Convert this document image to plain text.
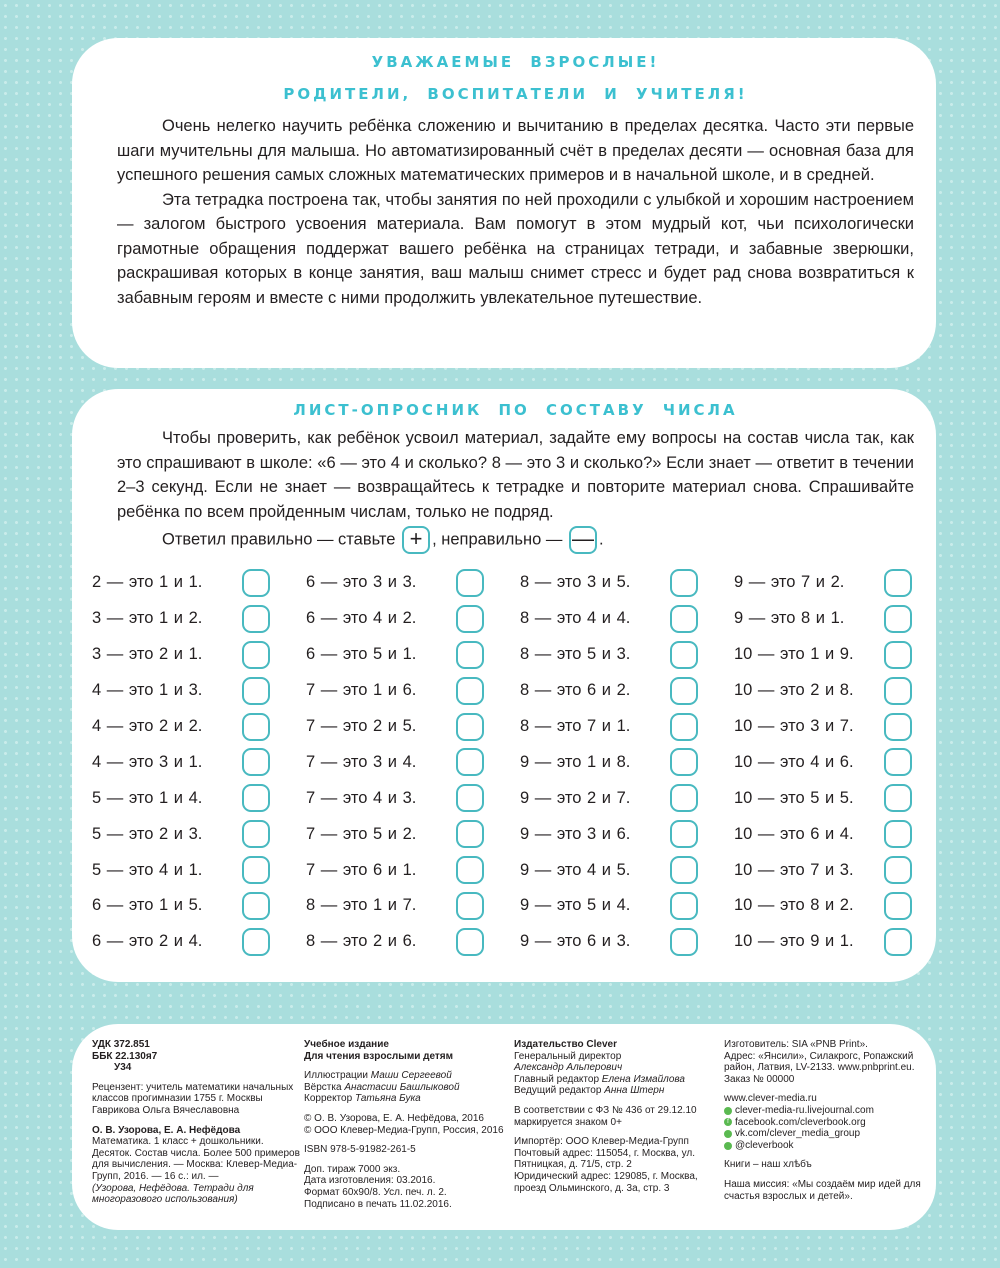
УВАЖАЕМЫЕ ВЗРОСЛЫЕ!

РОДИТЕЛИ, ВОСПИТАТЕЛИ И УЧИТЕЛЯ!

Очень нелегко научить ребёнка сложению и вычитанию в пределах десятка. Часто эти первые шаги мучительны для малыша. Но автоматизированный счёт в пределах десяти — основная база для успешного решения самых сложных математических примеров и в начальной школе, и в средней.

Эта тетрадка построена так, чтобы занятия по ней проходили с улыбкой и хорошим настроением — залогом быстрого усвоения материала. Вам помогут в этом мудрый кот, чьи психологически грамотные обращения поддержат вашего ребёнка на страницах тетради, и забавные зверюшки, раскрашивая которых в конце занятия, ваш малыш снимет стресс и будет рад снова возвратиться к забавным героям и вместе с ними продолжить увлекательное путешествие.

ЛИСТ-ОПРОСНИК ПО СОСТАВУ ЧИСЛА

Чтобы проверить, как ребёнок усвоил материал, задайте ему вопросы на состав числа так, как это спрашивают в школе: «6 — это 4 и сколько? 8 — это 3 и сколько?» Если знает — ответит в течении 2–3 секунд. Если не знает — возвращайтесь к тетрадке и повторите материал снова. Спрашивайте ребёнка по всем пройденным числам, только не подряд.

Ответил правильно — ставьте + , неправильно — — .
2 — это 1 и 1.
3 — это 1 и 2.
3 — это 2 и 1.
4 — это 1 и 3.
4 — это 2 и 2.
4 — это 3 и 1.
5 — это 1 и 4.
5 — это 2 и 3.
5 — это 4 и 1.
6 — это 1 и 5.
6 — это 2 и 4.
6 — это 3 и 3.
6 — это 4 и 2.
6 — это 5 и 1.
7 — это 1 и 6.
7 — это 2 и 5.
7 — это 3 и 4.
7 — это 4 и 3.
7 — это 5 и 2.
7 — это 6 и 1.
8 — это 1 и 7.
8 — это 2 и 6.
8 — это 3 и 5.
8 — это 4 и 4.
8 — это 5 и 3.
8 — это 6 и 2.
8 — это 7 и 1.
9 — это 1 и 8.
9 — это 2 и 7.
9 — это 3 и 6.
9 — это 4 и 5.
9 — это 5 и 4.
9 — это 6 и 3.
9 — это 7 и 2.
9 — это 8 и 1.
10 — это 1 и 9.
10 — это 2 и 8.
10 — это 3 и 7.
10 — это 4 и 6.
10 — это 5 и 5.
10 — это 6 и 4.
10 — это 7 и 3.
10 — это 8 и 2.
10 — это 9 и 1.

УДК 372.851

ББК 22.130я7

У34

Рецензент: учитель математики начальных классов прогимназии 1755 г. Москвы Гаврикова Ольга Вячеславовна

О. В. Узорова, Е. А. Нефёдова

Математика. 1 класс + дошкольники. Десяток. Состав числа. Более 500 примеров для вычисления. — Москва: Клевер-Медиа-Групп, 2016. — 16 с.: ил. —

(Узорова, Нефёдова. Тетради для многоразового использования)

Учебное издание

Для чтения взрослыми детям

Иллюстрации Маши Сергеевой

Вёрстка Анастасии Башлыковой

Корректор Татьяна Бука

© О. В. Узорова, Е. А. Нефёдова, 2016

© ООО Клевер-Медиа-Групп, Россия, 2016

ISBN 978-5-91982-261-5

Доп. тираж 7000 экз.

Дата изготовления: 03.2016.

Формат 60х90/8. Усл. печ. л. 2.

Подписано в печать 11.02.2016.

Издательство Clever

Генеральный директор

Александр Альперович

Главный редактор Елена Измайлова

Ведущий редактор Анна Штерн

В соответствии с ФЗ № 436 от 29.12.10 маркируется знаком 0+

Импортёр: ООО Клевер-Медиа-Групп

Почтовый адрес: 115054, г. Москва, ул. Пятницкая, д. 71/5, стр. 2

Юридический адрес: 129085, г. Москва, проезд Ольминского, д. 3а, стр. 3

Изготовитель: SIA «PNB Print».

Адрес: «Янсили», Силакрогс, Ропажский район, Латвия, LV-2133. www.pnbprint.eu.

Заказ № 00000

www.clever-media.ru

clever-media-ru.livejournal.com

f facebook.com/cleverbook.org

vk.com/clever_media_group

@cleverbook

Книги – наш хлѣбъ

Наша миссия: «Мы создаём мир идей для счастья взрослых и детей».
